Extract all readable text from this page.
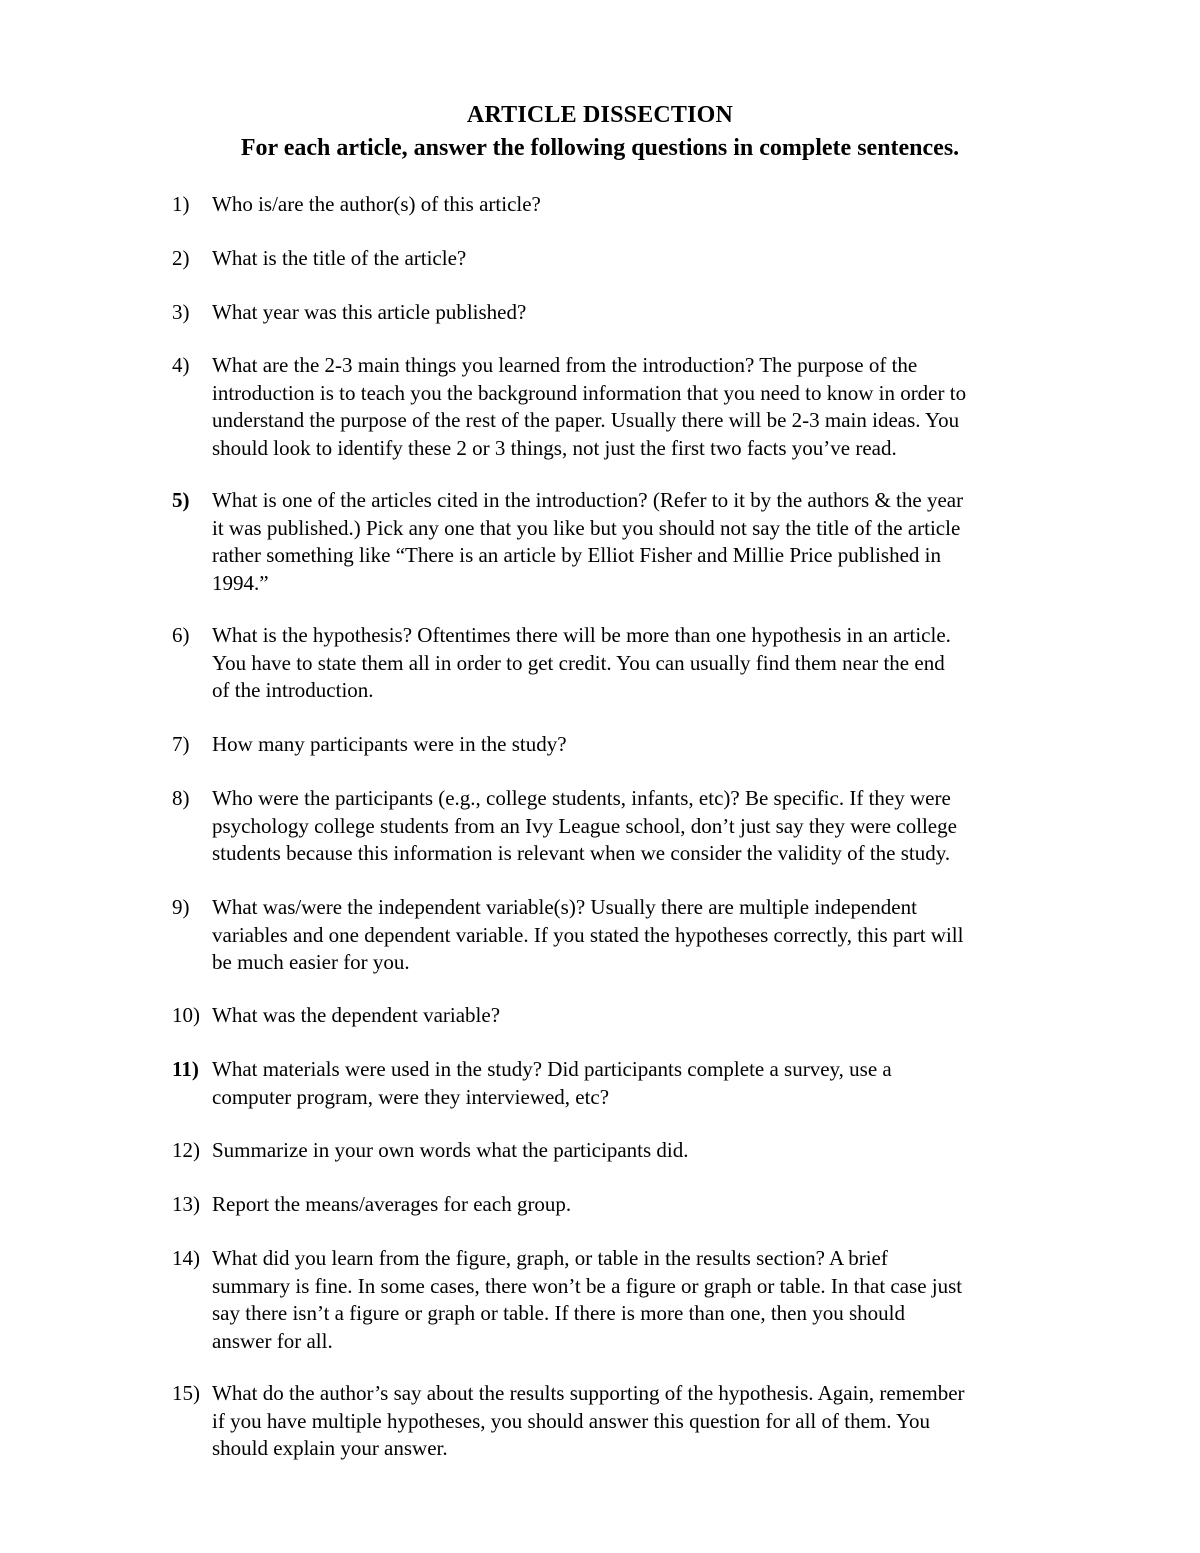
ARTICLE DISSECTION
For each article, answer the following questions in complete sentences.
1)	Who is/are the author(s) of this article?
2)	What is the title of the article?
3)	What year was this article published?
4)	What are the 2-3 main things you learned from the introduction? The purpose of the
introduction is to teach you the background information that you need to know in order to
understand the purpose of the rest of the paper. Usually there will be 2-3 main ideas. You
should look to identify these 2 or 3 things, not just the first two facts you’ve read.
5)	What is one of the articles cited in the introduction? (Refer to it by the authors & the year
it was published.) Pick any one that you like but you should not say the title of the article
rather something like “There is an article by Elliot Fisher and Millie Price published in
1994.”
6)	What is the hypothesis? Oftentimes there will be more than one hypothesis in an article.
You have to state them all in order to get credit. You can usually find them near the end
of the introduction.
7)	How many participants were in the study?
8)	Who were the participants (e.g., college students, infants, etc)? Be specific. If they were
psychology college students from an Ivy League school, don’t just say they were college
students because this information is relevant when we consider the validity of the study.
9)	What was/were the independent variable(s)? Usually there are multiple independent
variables and one dependent variable. If you stated the hypotheses correctly, this part will
be much easier for you.
10) What was the dependent variable?
11) What materials were used in the study? Did participants complete a survey, use a
computer program, were they interviewed, etc?
12) Summarize in your own words what the participants did.
13) Report the means/averages for each group.
14) What did you learn from the figure, graph, or table in the results section? A brief
summary is fine. In some cases, there won’t be a figure or graph or table. In that case just
say there isn’t a figure or graph or table. If there is more than one, then you should
answer for all.
15) What do the author’s say about the results supporting of the hypothesis. Again, remember
if you have multiple hypotheses, you should answer this question for all of them. You
should explain your answer.
